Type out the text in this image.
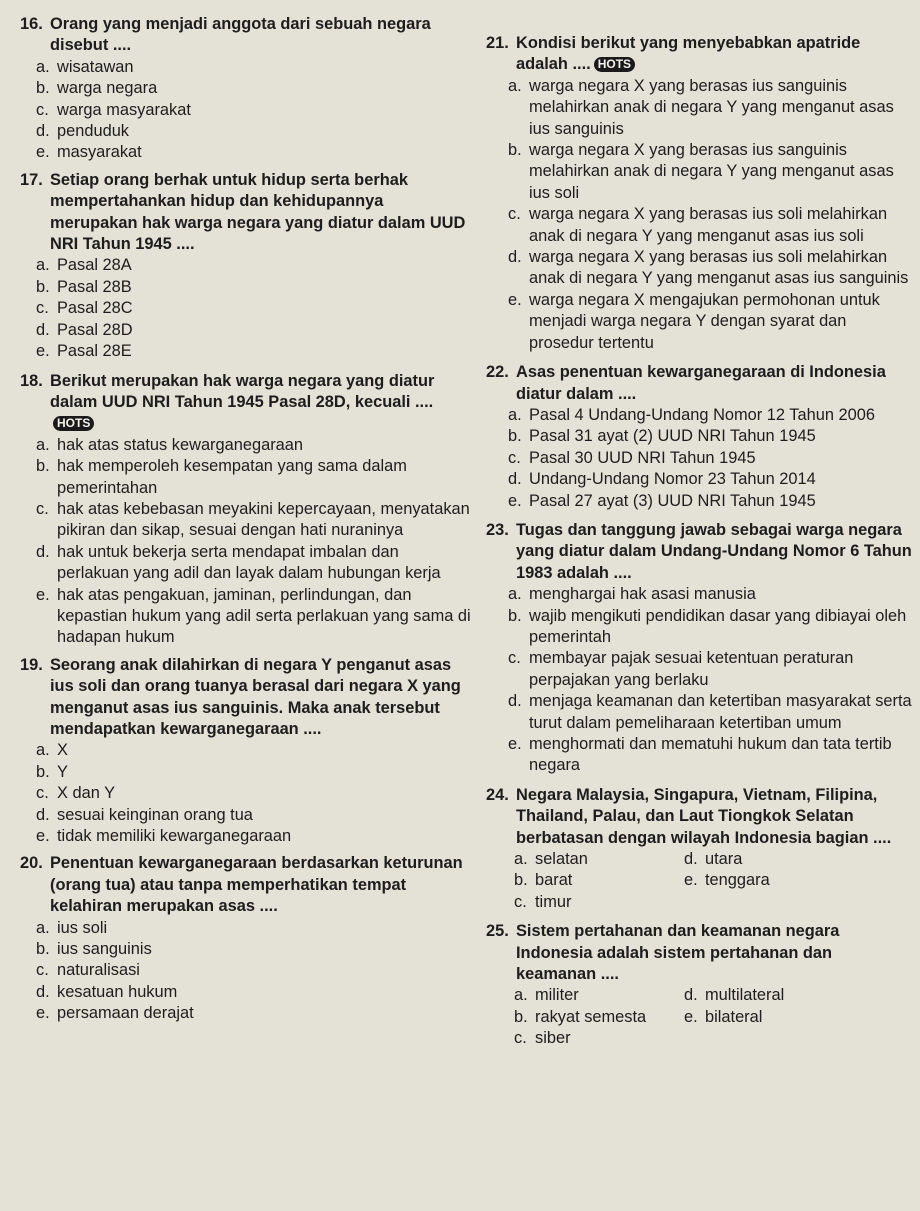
16. Orang yang menjadi anggota dari sebuah negara disebut ....
a. wisatawan
b. warga negara
c. warga masyarakat
d. penduduk
e. masyarakat
17. Setiap orang berhak untuk hidup serta berhak mempertahankan hidup dan kehidupannya merupakan hak warga negara yang diatur dalam UUD NRI Tahun 1945 ....
a. Pasal 28A
b. Pasal 28B
c. Pasal 28C
d. Pasal 28D
e. Pasal 28E
18. Berikut merupakan hak warga negara yang diatur dalam UUD NRI Tahun 1945 Pasal 28D, kecuali ....HOTS
a. hak atas status kewarganegaraan
b. hak memperoleh kesempatan yang sama dalam pemerintahan
c. hak atas kebebasan meyakini kepercayaan, menyatakan pikiran dan sikap, sesuai dengan hati nuraninya
d. hak untuk bekerja serta mendapat imbalan dan perlakuan yang adil dan layak dalam hubungan kerja
e. hak atas pengakuan, jaminan, perlindungan, dan kepastian hukum yang adil serta perlakuan yang sama di hadapan hukum
19. Seorang anak dilahirkan di negara Y penganut asas ius soli dan orang tuanya berasal dari negara X yang menganut asas ius sanguinis. Maka anak tersebut mendapatkan kewarganegaraan ....
a. X
b. Y
c. X dan Y
d. sesuai keinginan orang tua
e. tidak memiliki kewarganegaraan
20. Penentuan kewarganegaraan berdasarkan keturunan (orang tua) atau tanpa memperhatikan tempat kelahiran merupakan asas ....
a. ius soli
b. ius sanguinis
c. naturalisasi
d. kesatuan hukum
e. persamaan derajat
21. Kondisi berikut yang menyebabkan apatride adalah .... HOTS
a. warga negara X yang berasas ius sanguinis melahirkan anak di negara Y yang menganut asas ius sanguinis
b. warga negara X yang berasas ius sanguinis melahirkan anak di negara Y yang menganut asas ius soli
c. warga negara X yang berasas ius soli melahirkan anak di negara Y yang menganut asas ius soli
d. warga negara X yang berasas ius soli melahirkan anak di negara Y yang menganut asas ius sanguinis
e. warga negara X mengajukan permohonan untuk menjadi warga negara Y dengan syarat dan prosedur tertentu
22. Asas penentuan kewarganegaraan di Indonesia diatur dalam ....
a. Pasal 4 Undang-Undang Nomor 12 Tahun 2006
b. Pasal 31 ayat (2) UUD NRI Tahun 1945
c. Pasal 30 UUD NRI Tahun 1945
d. Undang-Undang Nomor 23 Tahun 2014
e. Pasal 27 ayat (3) UUD NRI Tahun 1945
23. Tugas dan tanggung jawab sebagai warga negara yang diatur dalam Undang-Undang Nomor 6 Tahun 1983 adalah ....
a. menghargai hak asasi manusia
b. wajib mengikuti pendidikan dasar yang dibiayai oleh pemerintah
c. membayar pajak sesuai ketentuan peraturan perpajakan yang berlaku
d. menjaga keamanan dan ketertiban masyarakat serta turut dalam pemeliharaan ketertiban umum
e. menghormati dan mematuhi hukum dan tata tertib negara
24. Negara Malaysia, Singapura, Vietnam, Filipina, Thailand, Palau, dan Laut Tiongkok Selatan berbatasan dengan wilayah Indonesia bagian ....
a. selatan	d. utara
b. barat	e. tenggara
c. timur
25. Sistem pertahanan dan keamanan negara Indonesia adalah sistem pertahanan dan keamanan ....
a. militer	d. multilateral
b. rakyat semesta	e. bilateral
c. siber
